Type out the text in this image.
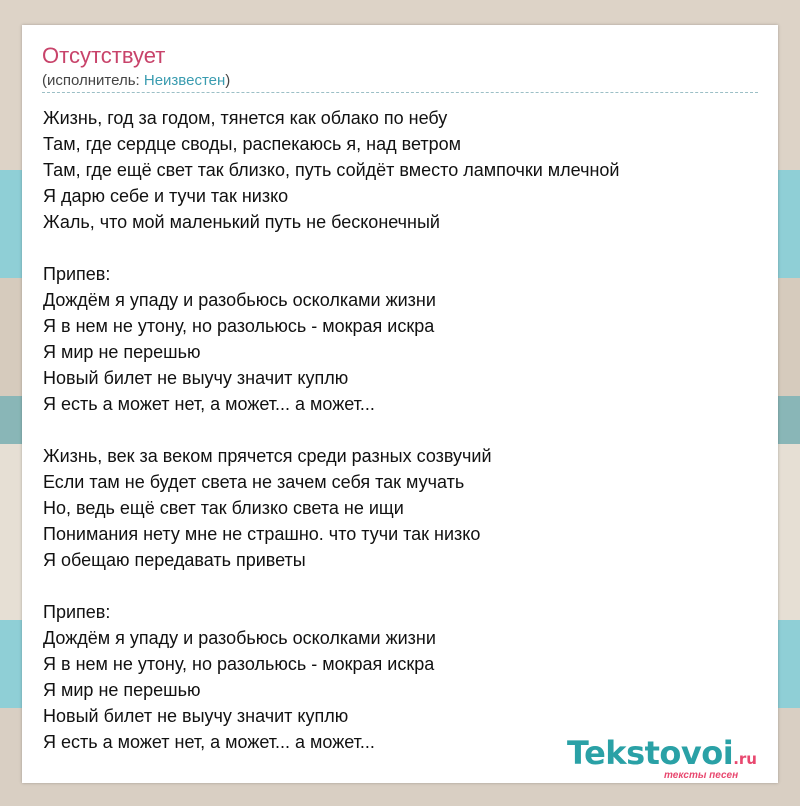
Отсутствует
(исполнитель: Неизвестен)
Жизнь, год за годом, тянется как облако по небу
Там, где сердце своды, распекаюсь я, над ветром
Там, где ещё свет так близко, путь сойдёт вместо лампочки млечной
Я дарю себе и тучи так низко
Жаль, что мой маленький путь не бесконечный
Припев:
Дождём я упаду и разобьюсь осколками жизни
Я в нем не утону, но разольюсь - мокрая искра
Я мир не перешью
Новый билет не выучу значит куплю
Я есть а может нет, а может... а может...
Жизнь, век за веком прячется среди разных созвучий
Если там не будет света не зачем себя так мучать
Но, ведь ещё свет так близко света не ищи
Понимания нету мне не страшно. что тучи так низко
Я обещаю передавать приветы
Припев:
Дождём я упаду и разобьюсь осколками жизни
Я в нем не утону, но разольюсь - мокрая искра
Я мир не перешью
Новый билет не выучу значит куплю
Я есть а может нет, а может... а может...	Tekstovoi.ru
тексты песен
